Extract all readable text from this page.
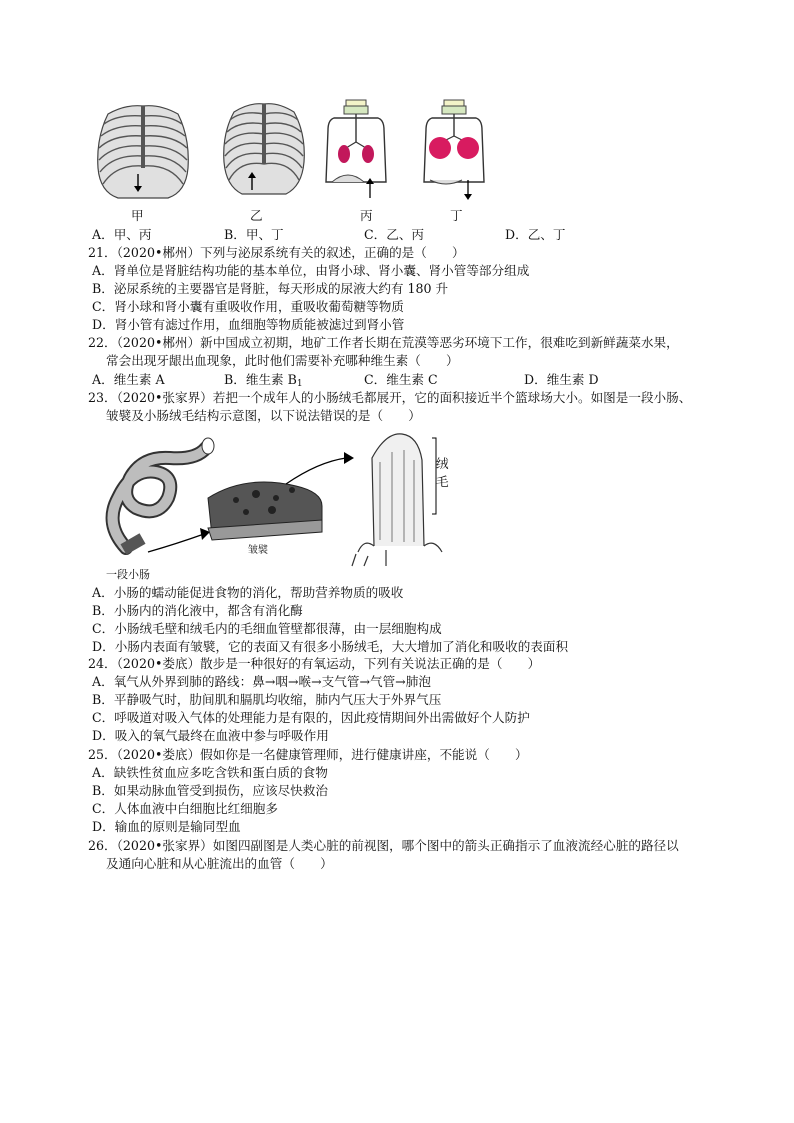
甲	乙	丙	丁
A．甲、丙	B．甲、丁	C．乙、丙	D．乙、丁
21．（2020•郴州）下列与泌尿系统有关的叙述，正确的是（　　）
A．肾单位是肾脏结构功能的基本单位，由肾小球、肾小囊、肾小管等部分组成
B．泌尿系统的主要器官是肾脏，每天形成的尿液大约有 180 升
C．肾小球和肾小囊有重吸收作用，重吸收葡萄糖等物质
D．肾小管有滤过作用，血细胞等物质能被滤过到肾小管
22．（2020•郴州）新中国成立初期，地矿工作者长期在荒漠等恶劣环境下工作，很难吃到新鲜蔬菜水果，
常会出现牙龈出血现象，此时他们需要补充哪种维生素（　　）
A．维生素 A	B．维生素 $B_1$	C．维生素 C	D．维生素 D
23．（2020•张家界）若把一个成年人的小肠绒毛都展开，它的面积接近半个篮球场大小。如图是一段小肠、
皱襞及小肠绒毛结构示意图，以下说法错误的是（　　）
绒
毛
皱襞
一段小肠
A．小肠的蠕动能促进食物的消化，帮助营养物质的吸收
B．小肠内的消化液中，都含有消化酶
C．小肠绒毛壁和绒毛内的毛细血管壁都很薄，由一层细胞构成
D．小肠内表面有皱襞，它的表面又有很多小肠绒毛，大大增加了消化和吸收的表面积
24．（2020•娄底）散步是一种很好的有氧运动，下列有关说法正确的是（　　）
A．氧气从外界到肺的路线：鼻→咽→喉→支气管→气管→肺泡
B．平静吸气时，肋间肌和膈肌均收缩，肺内气压大于外界气压
C．呼吸道对吸入气体的处理能力是有限的，因此疫情期间外出需做好个人防护
D．吸入的氧气最终在血液中参与呼吸作用
25．（2020•娄底）假如你是一名健康管理师，进行健康讲座，不能说（　　）
A．缺铁性贫血应多吃含铁和蛋白质的食物
B．如果动脉血管受到损伤，应该尽快救治
C．人体血液中白细胞比红细胞多
D．输血的原则是输同型血
26．（2020•张家界）如图四副图是人类心脏的前视图，哪个图中的箭头正确指示了血液流经心脏的路径以
及通向心脏和从心脏流出的血管（　　）
